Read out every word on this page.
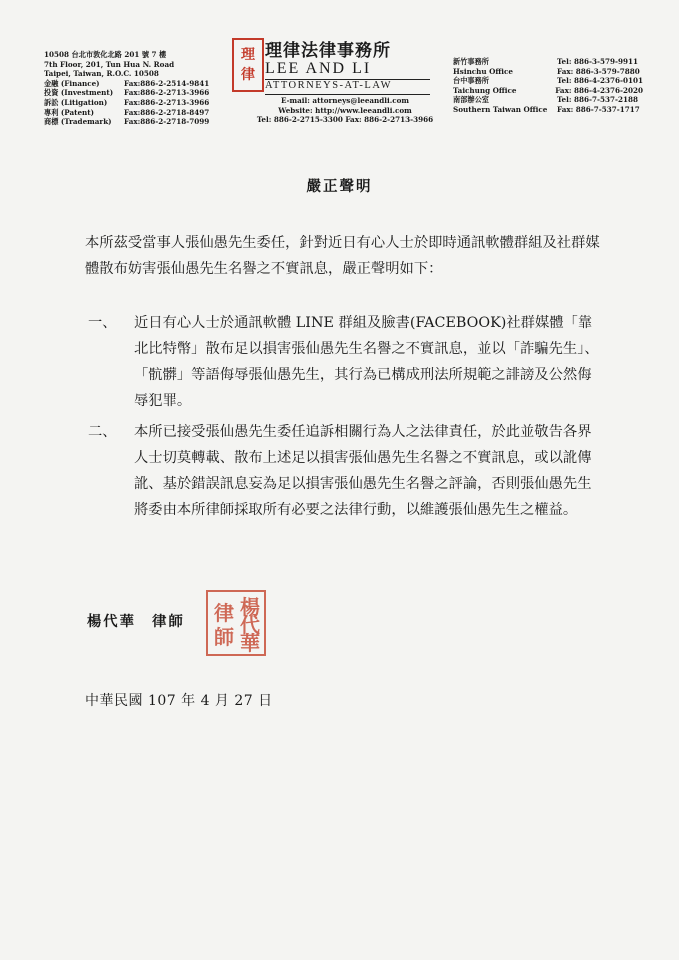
10508 台北市敦化北路 201 號 7 樓
7th Floor, 201, Tun Hua N. Road
Taipei, Taiwan, R.O.C. 10508
金融 (Finance)	Fax:886-2-2514-9841
投資 (Investment)	Fax:886-2-2713-3966
訴訟 (Litigation)	Fax:886-2-2713-3966
專利 (Patent)	Fax:886-2-2718-8497
商標 (Trademark)	Fax:886-2-2718-7099
理
律
理律法律事務所
LEE AND LI
ATTORNEYS-AT-LAW
E-mail: attorneys@leeandli.com
Website: http://www.leeandli.com
Tel: 886-2-2715-3300 Fax: 886-2-2713-3966
新竹事務所	Tel: 886-3-579-9911
Hsinchu Office	Fax: 886-3-579-7880
台中事務所	Tel: 886-4-2376-0101
Taichung Office	Fax: 886-4-2376-2020
南部辦公室	Tel: 886-7-537-2188
Southern Taiwan Office	Fax: 886-7-537-1717
嚴正聲明
本所茲受當事人張仙愚先生委任，針對近日有心人士於即時通訊軟體群組及社群媒體散布妨害張仙愚先生名譽之不實訊息，嚴正聲明如下：
一、	近日有心人士於通訊軟體 LINE 群組及臉書(FACEBOOK)社群媒體「靠北比特幣」散布足以損害張仙愚先生名譽之不實訊息，並以「詐騙先生」、「骯髒」等語侮辱張仙愚先生，其行為已構成刑法所規範之誹謗及公然侮辱犯罪。
二、	本所已接受張仙愚先生委任追訴相關行為人之法律責任，於此並敬告各界人士切莫轉載、散布上述足以損害張仙愚先生名譽之不實訊息，或以訛傳訛、基於錯誤訊息妄為足以損害張仙愚先生名譽之評論，否則張仙愚先生將委由本所律師採取所有必要之法律行動，以維護張仙愚先生之權益。
楊代華　律師
楊
代
華
律
師
中華民國 107 年 4 月 27 日
